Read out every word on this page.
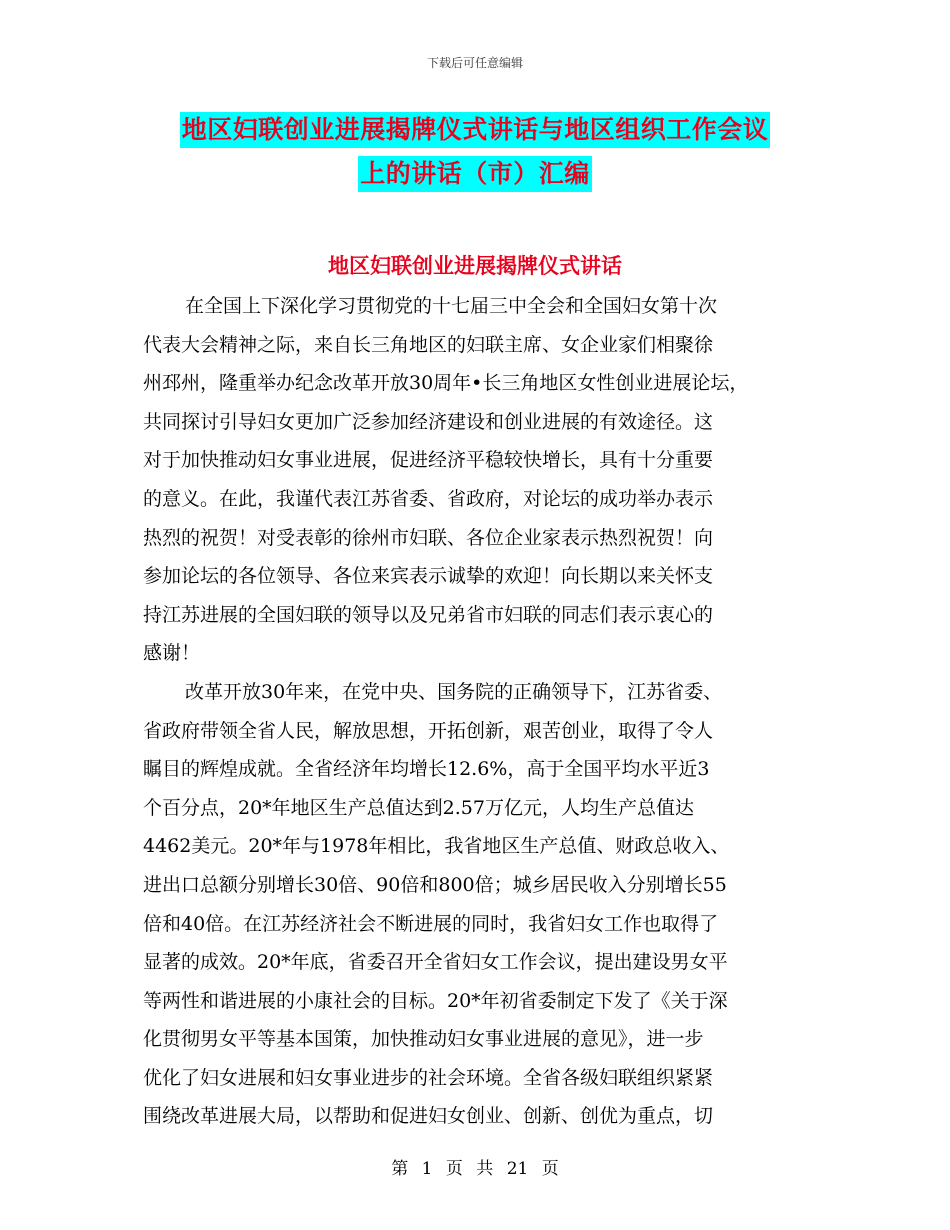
下载后可任意编辑
地区妇联创业进展揭牌仪式讲话与地区组织工作会议
上的讲话（市）汇编
地区妇联创业进展揭牌仪式讲话
在全国上下深化学习贯彻党的十七届三中全会和全国妇女第十次
代表大会精神之际，来自长三角地区的妇联主席、女企业家们相聚徐
州邳州，隆重举办纪念改革开放30周年•长三角地区女性创业进展论坛，
共同探讨引导妇女更加广泛参加经济建设和创业进展的有效途径。这
对于加快推动妇女事业进展，促进经济平稳较快增长，具有十分重要
的意义。在此，我谨代表江苏省委、省政府，对论坛的成功举办表示
热烈的祝贺！对受表彰的徐州市妇联、各位企业家表示热烈祝贺！向
参加论坛的各位领导、各位来宾表示诚挚的欢迎！向长期以来关怀支
持江苏进展的全国妇联的领导以及兄弟省市妇联的同志们表示衷心的
感谢！
改革开放30年来，在党中央、国务院的正确领导下，江苏省委、
省政府带领全省人民，解放思想，开拓创新，艰苦创业，取得了令人
瞩目的辉煌成就。全省经济年均增长12.6%，高于全国平均水平近3
个百分点，20*年地区生产总值达到2.57万亿元，人均生产总值达
4462美元。20*年与1978年相比，我省地区生产总值、财政总收入、
进出口总额分别增长30倍、90倍和800倍；城乡居民收入分别增长55
倍和40倍。在江苏经济社会不断进展的同时，我省妇女工作也取得了
显著的成效。20*年底，省委召开全省妇女工作会议，提出建设男女平
等两性和谐进展的小康社会的目标。20*年初省委制定下发了《关于深
化贯彻男女平等基本国策，加快推动妇女事业进展的意见》，进一步
优化了妇女进展和妇女事业进步的社会环境。全省各级妇联组织紧紧
围绕改革进展大局，以帮助和促进妇女创业、创新、创优为重点，切
第 1 页 共 21 页
